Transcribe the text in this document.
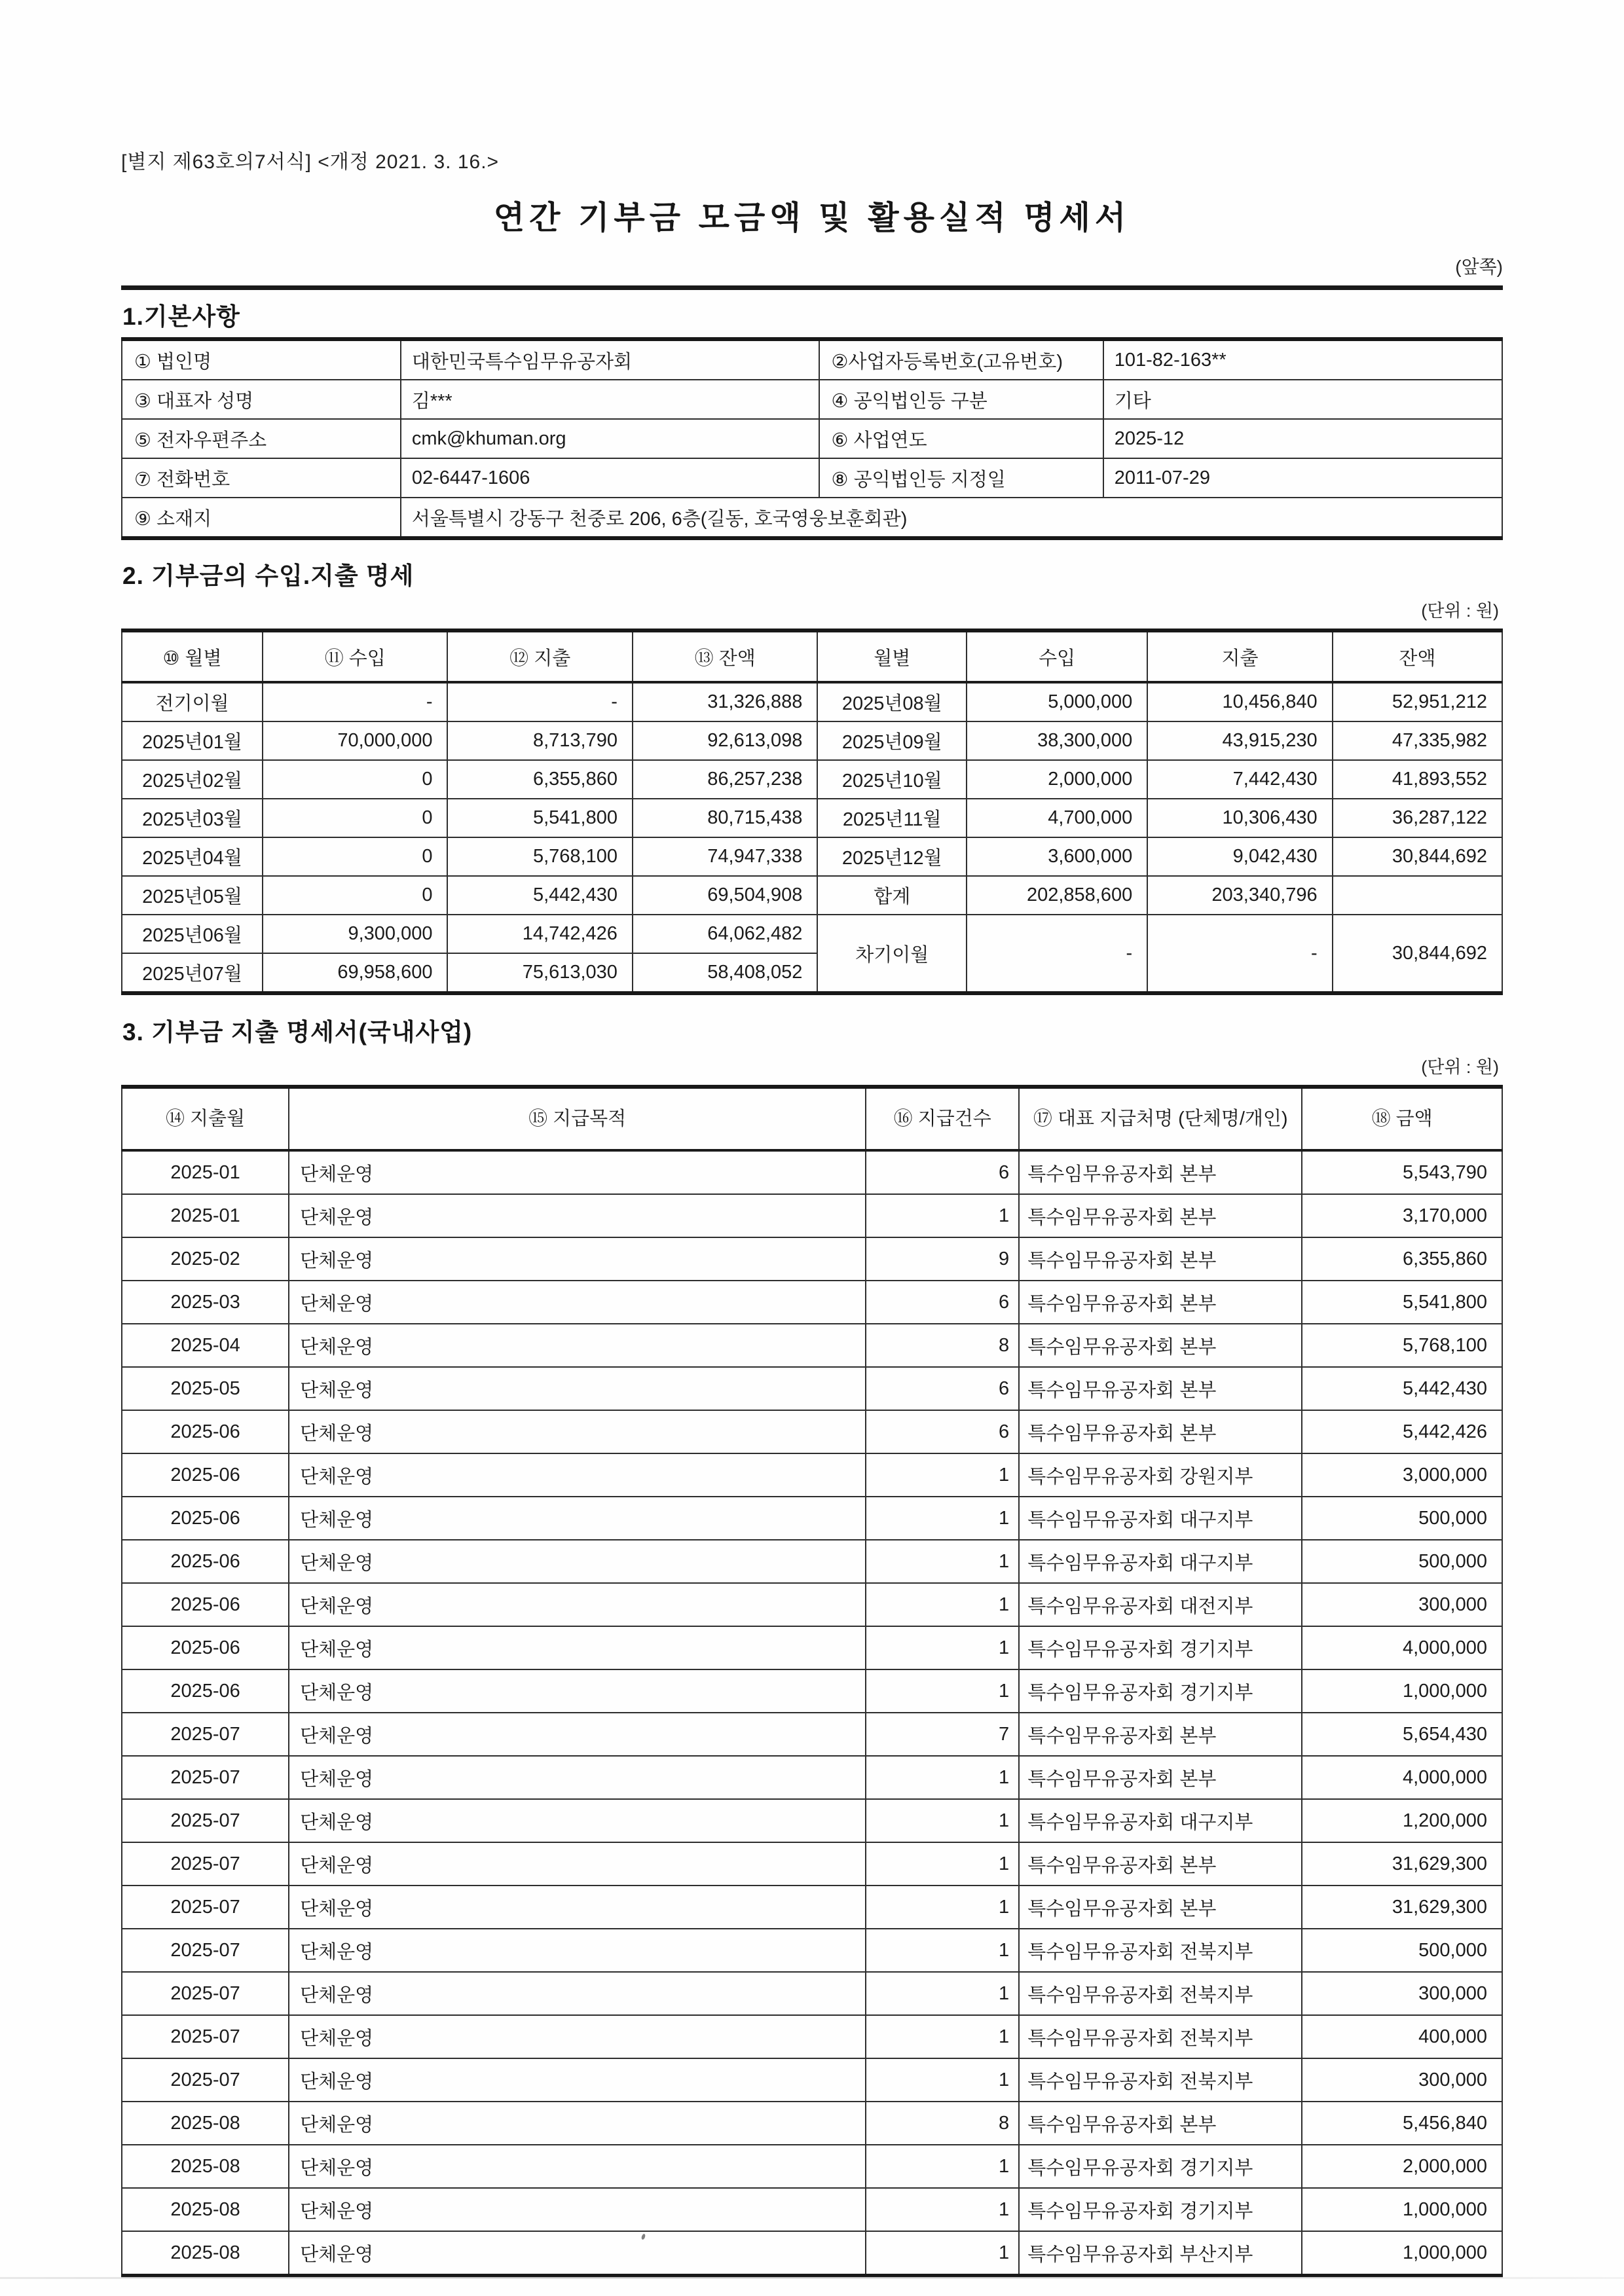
[별지 제63호의7서식] <개정 2021. 3. 16.>
연간 기부금 모금액 및 활용실적 명세서
(앞쪽)
1.기본사항
① 법인명	대한민국특수임무유공자회	②사업자등록번호(고유번호)	101-82-163**
③ 대표자 성명	김***	④ 공익법인등 구분	기타
⑤ 전자우편주소	cmk@khuman.org	⑥ 사업연도	2025-12
⑦ 전화번호	02-6447-1606	⑧ 공익법인등 지정일	2011-07-29
⑨ 소재지	서울특별시 강동구 천중로 206, 6층(길동, 호국영웅보훈회관)		
2. 기부금의 수입.지출 명세
(단위 : 원)
⑩ 월별	⑪ 수입	⑫ 지출	⑬ 잔액	월별	수입	지출	잔액
전기이월	-	-	31,326,888	2025년08월	5,000,000	10,456,840	52,951,212
2025년01월	70,000,000	8,713,790	92,613,098	2025년09월	38,300,000	43,915,230	47,335,982
2025년02월	0	6,355,860	86,257,238	2025년10월	2,000,000	7,442,430	41,893,552
2025년03월	0	5,541,800	80,715,438	2025년11월	4,700,000	10,306,430	36,287,122
2025년04월	0	5,768,100	74,947,338	2025년12월	3,600,000	9,042,430	30,844,692
2025년05월	0	5,442,430	69,504,908	합계	202,858,600	203,340,796	
2025년06월	9,300,000	14,742,426	64,062,482	차기이월	-	-	30,844,692
2025년07월	69,958,600	75,613,030	58,408,052				
3. 기부금 지출 명세서(국내사업)
(단위 : 원)
⑭ 지출월	⑮ 지급목적	⑯ 지급건수	⑰ 대표 지급처명 (단체명/개인)	⑱ 금액
2025-01	단체운영	6	특수임무유공자회 본부	5,543,790
2025-01	단체운영	1	특수임무유공자회 본부	3,170,000
2025-02	단체운영	9	특수임무유공자회 본부	6,355,860
2025-03	단체운영	6	특수임무유공자회 본부	5,541,800
2025-04	단체운영	8	특수임무유공자회 본부	5,768,100
2025-05	단체운영	6	특수임무유공자회 본부	5,442,430
2025-06	단체운영	6	특수임무유공자회 본부	5,442,426
2025-06	단체운영	1	특수임무유공자회 강원지부	3,000,000
2025-06	단체운영	1	특수임무유공자회 대구지부	500,000
2025-06	단체운영	1	특수임무유공자회 대구지부	500,000
2025-06	단체운영	1	특수임무유공자회 대전지부	300,000
2025-06	단체운영	1	특수임무유공자회 경기지부	4,000,000
2025-06	단체운영	1	특수임무유공자회 경기지부	1,000,000
2025-07	단체운영	7	특수임무유공자회 본부	5,654,430
2025-07	단체운영	1	특수임무유공자회 본부	4,000,000
2025-07	단체운영	1	특수임무유공자회 대구지부	1,200,000
2025-07	단체운영	1	특수임무유공자회 본부	31,629,300
2025-07	단체운영	1	특수임무유공자회 본부	31,629,300
2025-07	단체운영	1	특수임무유공자회 전북지부	500,000
2025-07	단체운영	1	특수임무유공자회 전북지부	300,000
2025-07	단체운영	1	특수임무유공자회 전북지부	400,000
2025-07	단체운영	1	특수임무유공자회 전북지부	300,000
2025-08	단체운영	8	특수임무유공자회 본부	5,456,840
2025-08	단체운영	1	특수임무유공자회 경기지부	2,000,000
2025-08	단체운영	1	특수임무유공자회 경기지부	1,000,000
2025-08	단체운영	1	특수임무유공자회 부산지부	1,000,000
